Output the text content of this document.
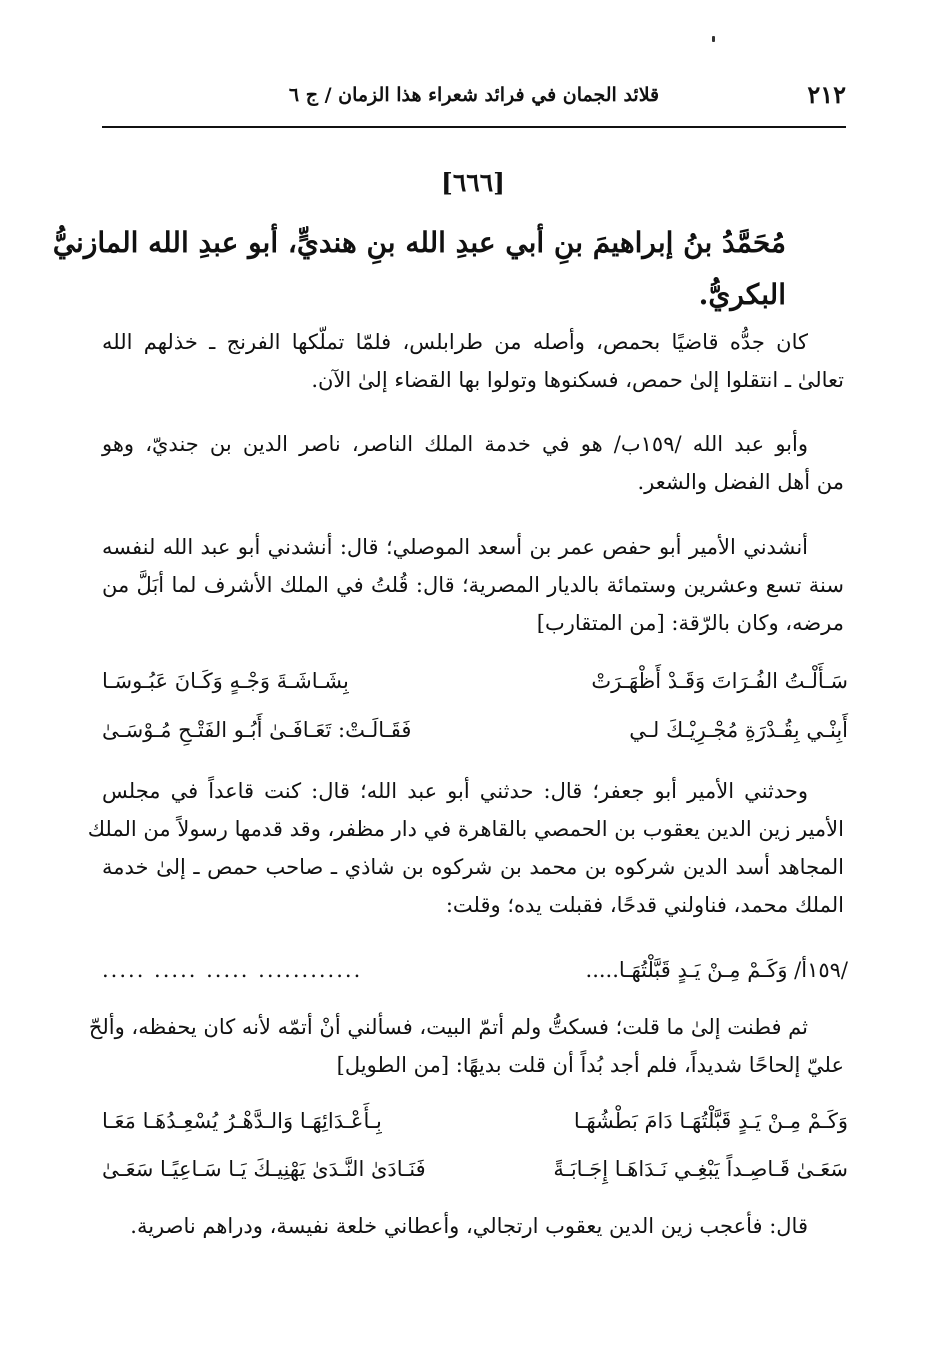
٢١٢
قلائد الجمان في فرائد شعراء هذا الزمان / ج ٦
[٦٦٦]
مُحَمَّدُ بنُ إبراهيمَ بنِ أبي عبدِ الله بنِ هنديٍّ، أبو عبدِ الله المازنيُّ
البكريُّ.
كان جدُّه قاضيًا بحمص، وأصله من طرابلس، فلمّا تملّكها الفرنج ـ خذلهم الله
تعالىٰ ـ انتقلوا إلىٰ حمص، فسكنوها وتولوا بها القضاء إلىٰ الآن.
وأبو عبد الله /١٥٩ب/ هو في خدمة الملك الناصر، ناصر الدين بن جنديّ، وهو
من أهل الفضل والشعر.
أنشدني الأمير أبو حفص عمر بن أسعد الموصلي؛ قال: أنشدني أبو عبد الله لنفسه
سنة تسع وعشرين وستمائة بالديار المصرية؛ قال: قُلتُ في الملك الأشرف لما أبَلَّ من
مرضه، وكان بالرّقة: [من المتقارب]
سَـأَلْـتُ الفُـرَاتَ وَقَـدْ أَظْهَـرَتْ
بِشَـاشَـةَ وَجْـهٍ وَكَـانَ عَبُـوسَـا
أَبِنْـي بِقُـدْرَةِ مُجْـرِيْـكَ لـي
فَقَـالَـتْ: تَعَـافَـىٰ أَبُـو الفَتْـحِ مُـوْسَـىٰ
وحدثني الأمير أبو جعفر؛ قال: حدثني أبو عبد الله؛ قال: كنت قاعداً في مجلس
الأمير زين الدين يعقوب بن الحمصي بالقاهرة في دار مظفر، وقد قدمها رسولاً من الملك
المجاهد أسد الدين شركوه بن محمد بن شركوه بن شاذي ـ صاحب حمص ـ إلىٰ خدمة
الملك محمد، فناولني قدحًا، فقبلت يده؛ وقلت:
/١٥٩أ/ وَكَـمْ مِـنْ يَـدٍ قَبَّلْتُهَـا.....
............ ..... ..... .....
ثم فطنت إلىٰ ما قلت؛ فسكتُّ ولم أتمّ البيت، فسألني أنْ أتمّه لأنه كان يحفظه، وألحّ
عليّ إلحاحًا شديداً، فلم أجد بُداً أن قلت بديهًا: [من الطويل]
وَكَـمْ مِـنْ يَـدٍ قَبَّلْتُهَـا دَامَ بَطْشُهَـا
بِـأَعْـدَائِهَـا وَالـدَّهْـرُ يُسْعِـدُهَـا مَعَـا
سَعَـىٰ قَـاصِـداً يَبْغِـي نَـدَاهَـا إِجَـابَـةً
فَنَـادَىٰ النَّـدَىٰ يَهْنِيـكَ يَـا سَـاعِيًـا سَعَـىٰ
قال: فأعجب زين الدين يعقوب ارتجالي، وأعطاني خلعة نفيسة، ودراهم ناصرية.
